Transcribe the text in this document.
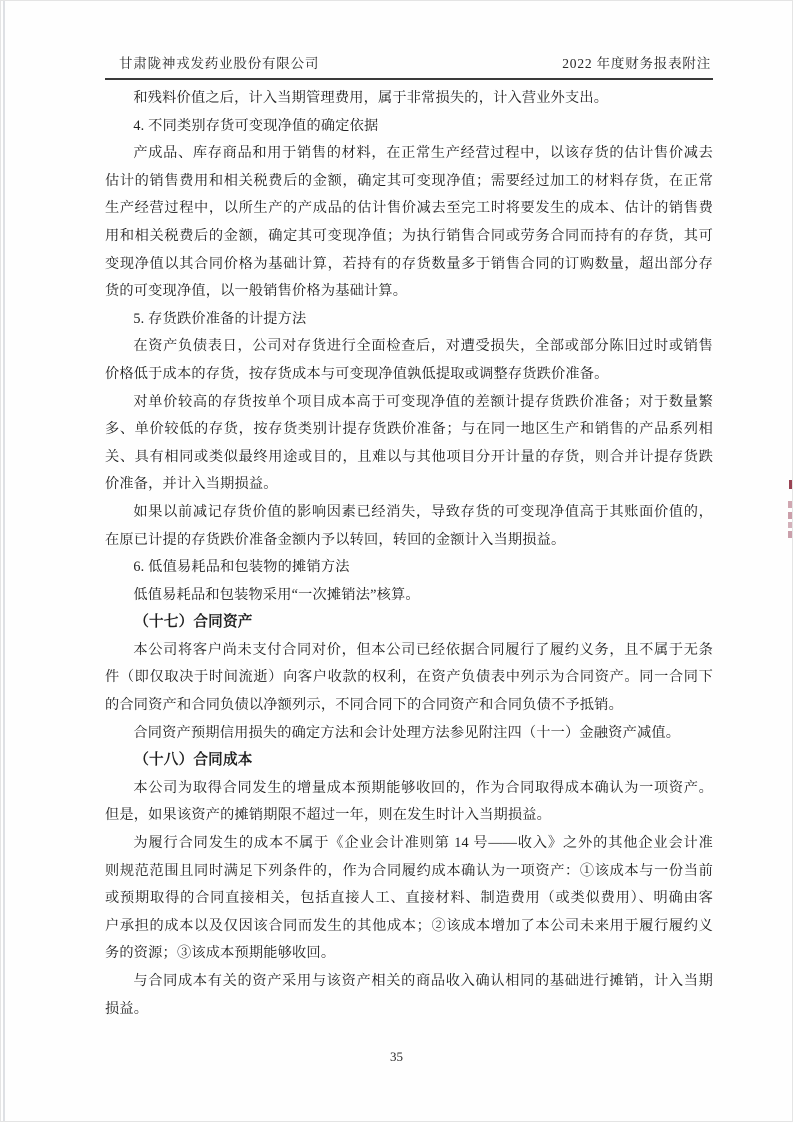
甘肃陇神戎发药业股份有限公司	2022 年度财务报表附注
和残料价值之后，计入当期管理费用，属于非常损失的，计入营业外支出。
4. 不同类别存货可变现净值的确定依据
产成品、库存商品和用于销售的材料，在正常生产经营过程中，以该存货的估计售价减去
估计的销售费用和相关税费后的金额，确定其可变现净值；需要经过加工的材料存货，在正常
生产经营过程中，以所生产的产成品的估计售价减去至完工时将要发生的成本、估计的销售费
用和相关税费后的金额，确定其可变现净值；为执行销售合同或劳务合同而持有的存货，其可
变现净值以其合同价格为基础计算，若持有的存货数量多于销售合同的订购数量，超出部分存
货的可变现净值，以一般销售价格为基础计算。
5. 存货跌价准备的计提方法
在资产负债表日，公司对存货进行全面检查后，对遭受损失，全部或部分陈旧过时或销售
价格低于成本的存货，按存货成本与可变现净值孰低提取或调整存货跌价准备。
对单价较高的存货按单个项目成本高于可变现净值的差额计提存货跌价准备；对于数量繁
多、单价较低的存货，按存货类别计提存货跌价准备；与在同一地区生产和销售的产品系列相
关、具有相同或类似最终用途或目的，且难以与其他项目分开计量的存货，则合并计提存货跌
价准备，并计入当期损益。
如果以前减记存货价值的影响因素已经消失，导致存货的可变现净值高于其账面价值的，
在原已计提的存货跌价准备金额内予以转回，转回的金额计入当期损益。
6. 低值易耗品和包装物的摊销方法
低值易耗品和包装物采用“一次摊销法”核算。
（十七）合同资产
本公司将客户尚未支付合同对价，但本公司已经依据合同履行了履约义务，且不属于无条
件（即仅取决于时间流逝）向客户收款的权利，在资产负债表中列示为合同资产。同一合同下
的合同资产和合同负债以净额列示，不同合同下的合同资产和合同负债不予抵销。
合同资产预期信用损失的确定方法和会计处理方法参见附注四（十一）金融资产减值。
（十八）合同成本
本公司为取得合同发生的增量成本预期能够收回的，作为合同取得成本确认为一项资产。
但是，如果该资产的摊销期限不超过一年，则在发生时计入当期损益。
为履行合同发生的成本不属于《企业会计准则第 14 号——收入》之外的其他企业会计准
则规范范围且同时满足下列条件的，作为合同履约成本确认为一项资产：①该成本与一份当前
或预期取得的合同直接相关，包括直接人工、直接材料、制造费用（或类似费用）、明确由客
户承担的成本以及仅因该合同而发生的其他成本；②该成本增加了本公司未来用于履行履约义
务的资源；③该成本预期能够收回。
与合同成本有关的资产采用与该资产相关的商品收入确认相同的基础进行摊销，计入当期
损益。
35
